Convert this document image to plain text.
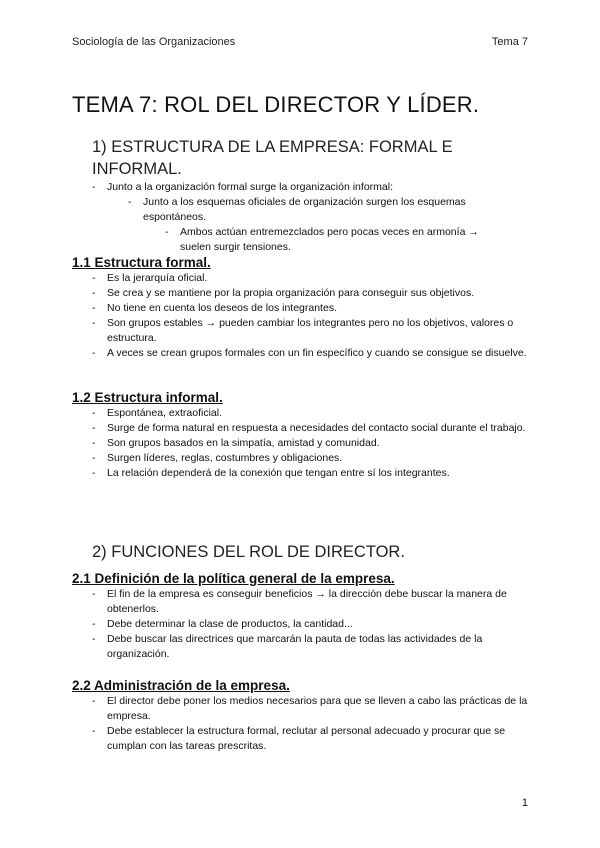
Sociología de las Organizaciones	Tema 7
TEMA 7: ROL DEL DIRECTOR Y LÍDER.
1) ESTRUCTURA DE LA EMPRESA: FORMAL E INFORMAL.
- Junto a la organización formal surge la organización informal:
- Junto a los esquemas oficiales de organización surgen los esquemas espontáneos.
- Ambos actúan entremezclados pero pocas veces en armonía → suelen surgir tensiones.
1.1 Estructura formal.
- Es la jerarquía oficial.
- Se crea y se mantiene por la propia organización para conseguir sus objetivos.
- No tiene en cuenta los deseos de los integrantes.
- Son grupos estables → pueden cambiar los integrantes pero no los objetivos, valores o estructura.
- A veces se crean grupos formales con un fin específico y cuando se consigue se disuelve.
1.2 Estructura informal.
- Espontánea, extraoficial.
- Surge de forma natural en respuesta a necesidades del contacto social durante el trabajo.
- Son grupos basados en la simpatía, amistad y comunidad.
- Surgen líderes, reglas, costumbres y obligaciones.
- La relación dependerá de la conexión que tengan entre sí los integrantes.
2) FUNCIONES DEL ROL DE DIRECTOR.
2.1 Definición de la política general de la empresa.
- El fin de la empresa es conseguir beneficios → la dirección debe buscar la manera de obtenerlos.
- Debe determinar la clase de productos, la cantidad...
- Debe buscar las directrices que marcarán la pauta de todas las actividades de la organización.
2.2 Administración de la empresa.
- El director debe poner los medios necesarios para que se lleven a cabo las prácticas de la empresa.
- Debe establecer la estructura formal, reclutar al personal adecuado y procurar que se cumplan con las tareas prescritas.
1
